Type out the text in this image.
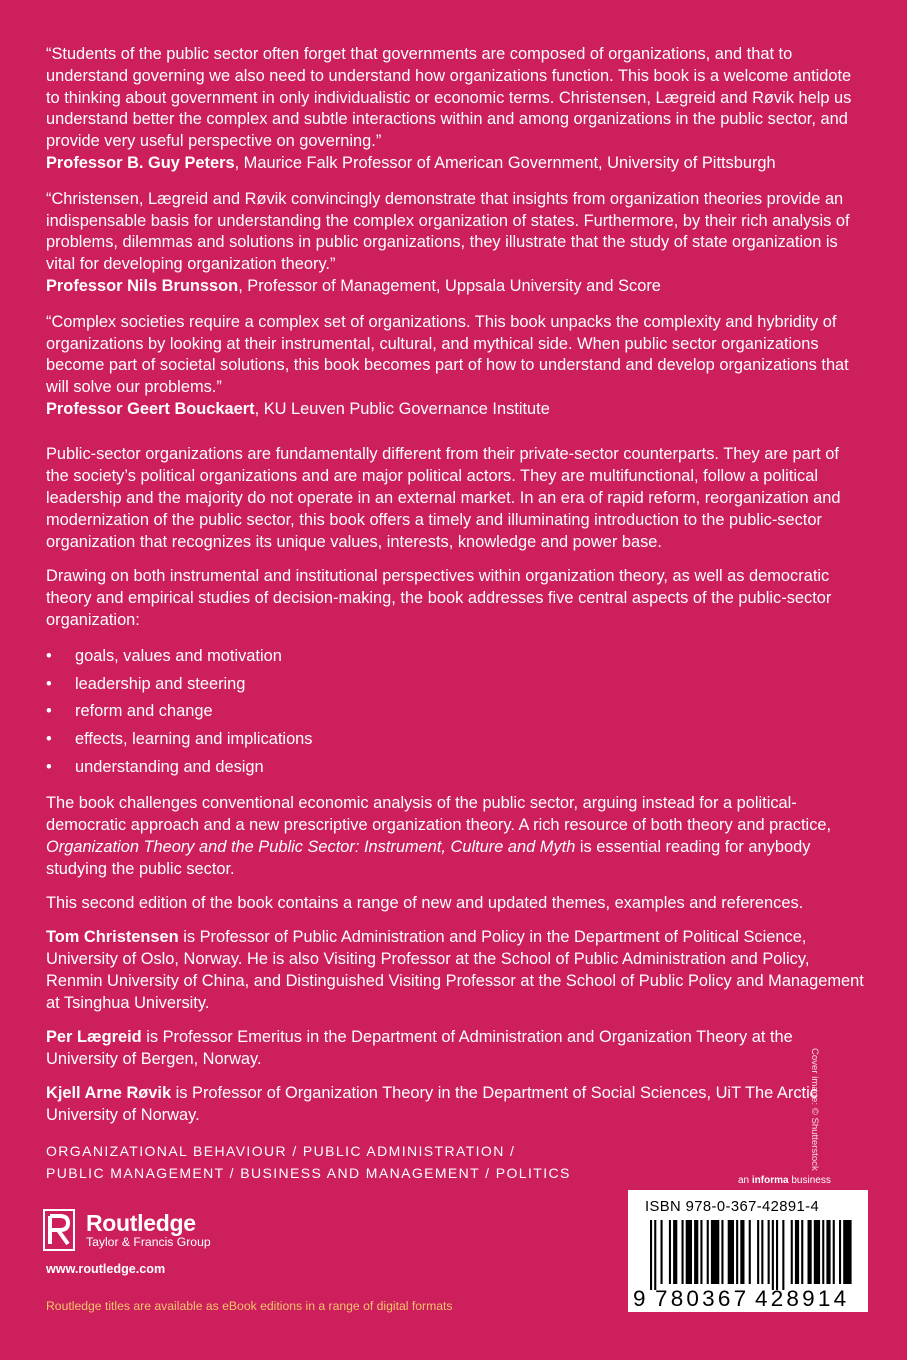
“Students of the public sector often forget that governments are composed of organizations, and that to understand governing we also need to understand how organizations function. This book is a welcome antidote to thinking about government in only individualistic or economic terms. Christensen, Lægreid and Røvik help us understand better the complex and subtle interactions within and among organizations in the public sector, and provide very useful perspective on governing.”

Professor B. Guy Peters, Maurice Falk Professor of American Government, University of Pittsburgh

“Christensen, Lægreid and Røvik convincingly demonstrate that insights from organization theories provide an indispensable basis for understanding the complex organization of states. Furthermore, by their rich analysis of problems, dilemmas and solutions in public organizations, they illustrate that the study of state organization is vital for developing organization theory.”

Professor Nils Brunsson, Professor of Management, Uppsala University and Score

“Complex societies require a complex set of organizations. This book unpacks the complexity and hybridity of organizations by looking at their instrumental, cultural, and mythical side. When public sector organizations become part of societal solutions, this book becomes part of how to understand and develop organizations that will solve our problems.”

Professor Geert Bouckaert, KU Leuven Public Governance Institute

Public-sector organizations are fundamentally different from their private-sector counterparts. They are part of the society’s political organizations and are major political actors. They are multifunctional, follow a political leadership and the majority do not operate in an external market. In an era of rapid reform, reorganization and modernization of the public sector, this book offers a timely and illuminating introduction to the public-sector organization that recognizes its unique values, interests, knowledge and power base.

Drawing on both instrumental and institutional perspectives within organization theory, as well as democratic theory and empirical studies of decision-making, the book addresses five central aspects of the public-sector organization:

• goals, values and motivation
• leadership and steering
• reform and change
• effects, learning and implications
• understanding and design

The book challenges conventional economic analysis of the public sector, arguing instead for a political-democratic approach and a new prescriptive organization theory. A rich resource of both theory and practice, Organization Theory and the Public Sector: Instrument, Culture and Myth is essential reading for anybody studying the public sector.

This second edition of the book contains a range of new and updated themes, examples and references.

Tom Christensen is Professor of Public Administration and Policy in the Department of Political Science, University of Oslo, Norway. He is also Visiting Professor at the School of Public Administration and Policy, Renmin University of China, and Distinguished Visiting Professor at the School of Public Policy and Management at Tsinghua University.
Per Lægreid is Professor Emeritus in the Department of Administration and Organization Theory at the University of Bergen, Norway.
Kjell Arne Røvik is Professor of Organization Theory in the Department of Social Sciences, UiT The Arctic University of Norway.
ORGANIZATIONAL BEHAVIOUR / PUBLIC ADMINISTRATION /
PUBLIC MANAGEMENT / BUSINESS AND MANAGEMENT / POLITICS
Cover image: © Shutterstock
Routledge
Taylor & Francis Group
www.routledge.com
Routledge titles are available as eBook editions in a range of digital formats
an informa business
ISBN 978-0-367-42891-4
9 780367 428914
